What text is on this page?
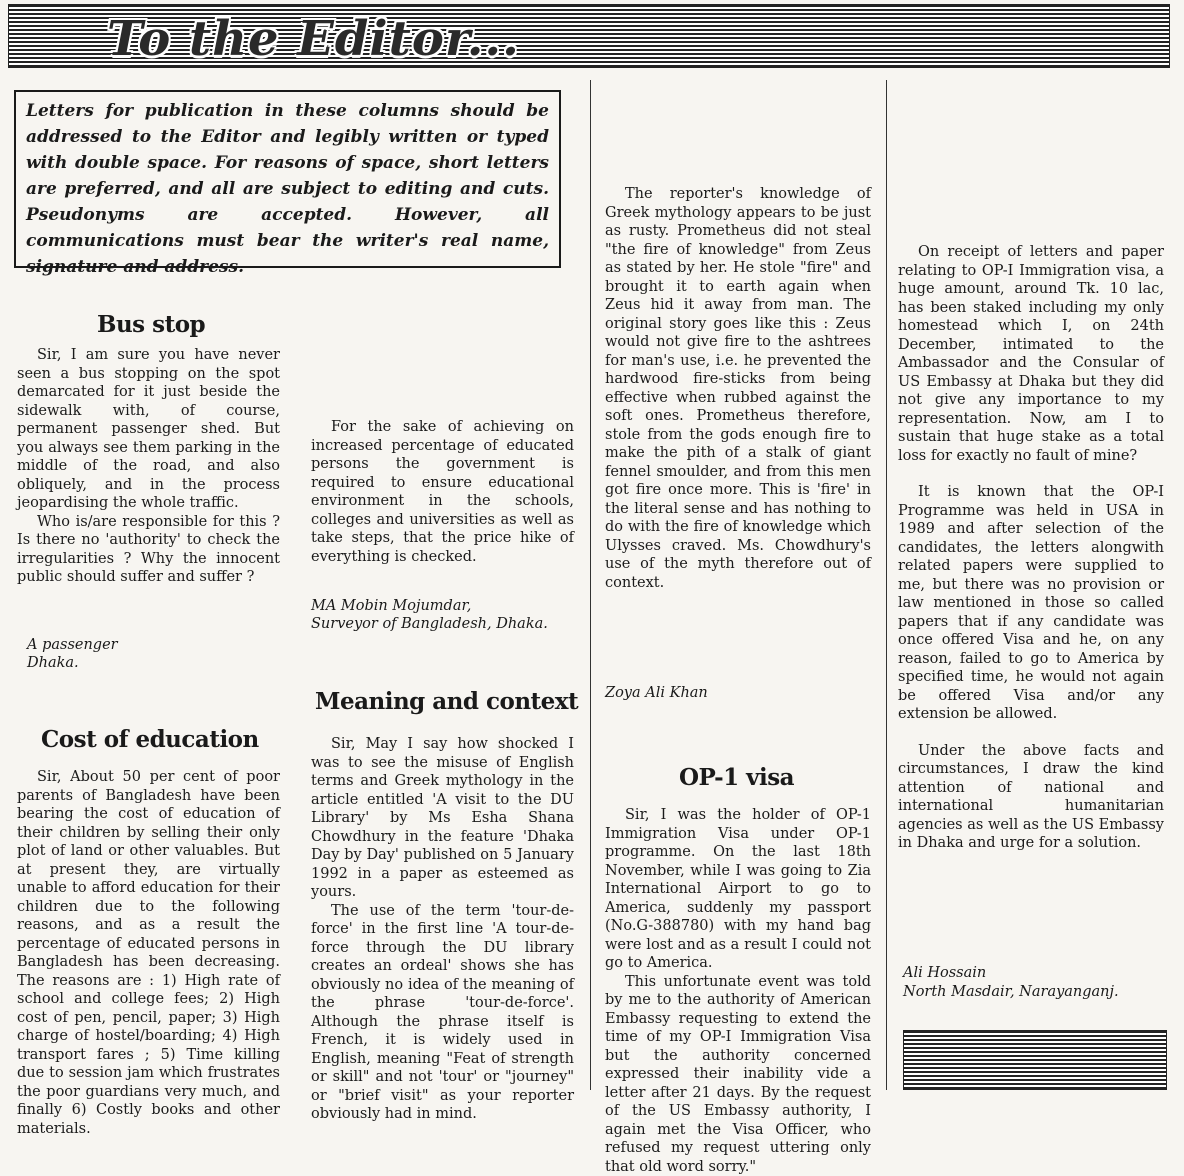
To the Editor...
Letters for publication in these columns should be addressed to the Editor and legibly written or typed with double space. For reasons of space, short letters are preferred, and all are subject to editing and cuts. Pseudonyms are accepted. However, all communications must bear the writer's real name, signature and address.
Bus stop

Sir, I am sure you have never seen a bus stopping on the spot demarcated for it just beside the sidewalk with, of course, permanent passenger shed. But you always see them parking in the middle of the road, and also obliquely, and in the process jeopardising the whole traffic.

Who is/are responsible for this ? Is there no 'authority' to check the irregularities ? Why the innocent public should suffer and suffer ?

A passenger
Dhaka.
Cost of education

Sir, About 50 per cent of poor parents of Bangladesh have been bearing the cost of education of their children by selling their only plot of land or other valuables. But at present they, are virtually unable to afford education for their children due to the following reasons, and as a result the percentage of educated persons in Bangladesh has been decreasing. The reasons are : 1) High rate of school and college fees; 2) High cost of pen, pencil, paper; 3) High charge of hostel/boarding; 4) High transport fares ; 5) Time killing due to session jam which frustrates the poor guardians very much, and finally 6) Costly books and other materials.

For the sake of achieving on increased percentage of educated persons the government is required to ensure educational environment in the schools, colleges and universities as well as take steps, that the price hike of everything is checked.

MA Mobin Mojumdar,
Surveyor of Bangladesh, Dhaka.
Meaning and context

Sir, May I say how shocked I was to see the misuse of English terms and Greek mythology in the article entitled 'A visit to the DU Library' by Ms Esha Shana Chowdhury in the feature 'Dhaka Day by Day' published on 5 January 1992 in a paper as esteemed as yours.

The use of the term 'tour-de-force' in the first line 'A tour-de-force through the DU library creates an ordeal' shows she has obviously no idea of the meaning of the phrase 'tour-de-force'. Although the phrase itself is French, it is widely used in English, meaning "Feat of strength or skill" and not 'tour' or "journey" or "brief visit" as your reporter obviously had in mind.

The reporter's knowledge of Greek mythology appears to be just as rusty. Prometheus did not steal "the fire of knowledge" from Zeus as stated by her. He stole "fire" and brought it to earth again when Zeus hid it away from man. The original story goes like this : Zeus would not give fire to the ashtrees for man's use, i.e. he prevented the hardwood fire-sticks from being effective when rubbed against the soft ones. Prometheus therefore, stole from the gods enough fire to make the pith of a stalk of giant fennel smoulder, and from this men got fire once more. This is 'fire' in the literal sense and has nothing to do with the fire of knowledge which Ulysses craved. Ms. Chowdhury's use of the myth therefore out of context.

Zoya Ali Khan
OP-1 visa

Sir, I was the holder of OP-1 Immigration Visa under OP-1 programme. On the last 18th November, while I was going to Zia International Airport to go to America, suddenly my passport (No.G-388780) with my hand bag were lost and as a result I could not go to America.

This unfortunate event was told by me to the authority of American Embassy requesting to extend the time of my OP-I Immigration Visa but the authority concerned expressed their inability vide a letter after 21 days. By the request of the US Embassy authority, I again met the Visa Officer, who refused my request uttering only that old word sorry."

On receipt of letters and paper relating to OP-I Immigration visa, a huge amount, around Tk. 10 lac, has been staked including my only homestead which I, on 24th December, intimated to the Ambassador and the Consular of US Embassy at Dhaka but they did not give any importance to my representation. Now, am I to sustain that huge stake as a total loss for exactly no fault of mine?

It is known that the OP-I Programme was held in USA in 1989 and after selection of the candidates, the letters alongwith related papers were supplied to me, but there was no provision or law mentioned in those so called papers that if any candidate was once offered Visa and he, on any reason, failed to go to America by specified time, he would not again be offered Visa and/or any extension be allowed.

Under the above facts and circumstances, I draw the kind attention of national and international humanitarian agencies as well as the US Embassy in Dhaka and urge for a solution.

Ali Hossain
North Masdair, Narayanganj.
